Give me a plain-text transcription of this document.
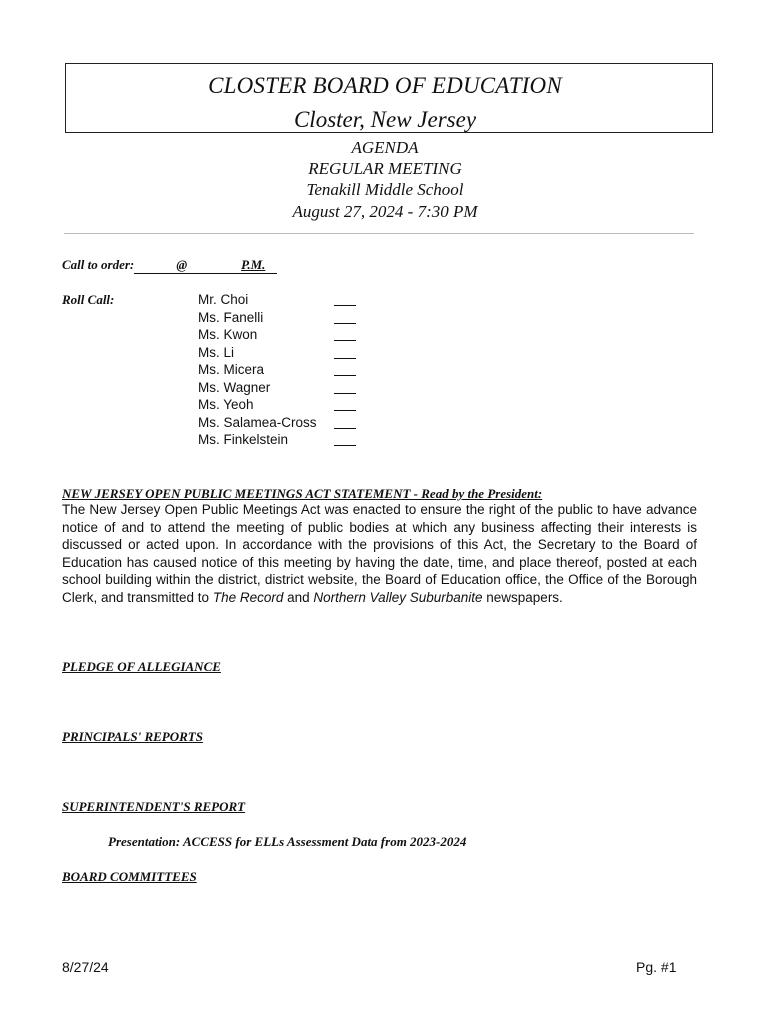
CLOSTER BOARD OF EDUCATION
Closter, New Jersey
AGENDA
REGULAR MEETING
Tenakill Middle School
August 27, 2024 - 7:30 PM
Call to order:	@	P.M.
Roll Call:	Mr. Choi
Ms. Fanelli
Ms. Kwon
Ms. Li
Ms. Micera
Ms. Wagner
Ms. Yeoh
Ms. Salamea-Cross
Ms. Finkelstein
NEW JERSEY OPEN PUBLIC MEETINGS ACT STATEMENT - Read by the President:
The New Jersey Open Public Meetings Act was enacted to ensure the right of the public to have advance notice of and to attend the meeting of public bodies at which any business affecting their interests is discussed or acted upon. In accordance with the provisions of this Act, the Secretary to the Board of Education has caused notice of this meeting by having the date, time, and place thereof, posted at each school building within the district, district website, the Board of Education office, the Office of the Borough Clerk, and transmitted to The Record and Northern Valley Suburbanite newspapers.
PLEDGE OF ALLEGIANCE
PRINCIPALS' REPORTS
SUPERINTENDENT'S REPORT
Presentation: ACCESS for ELLs Assessment Data from 2023-2024
BOARD COMMITTEES
8/27/24	Pg. #1
